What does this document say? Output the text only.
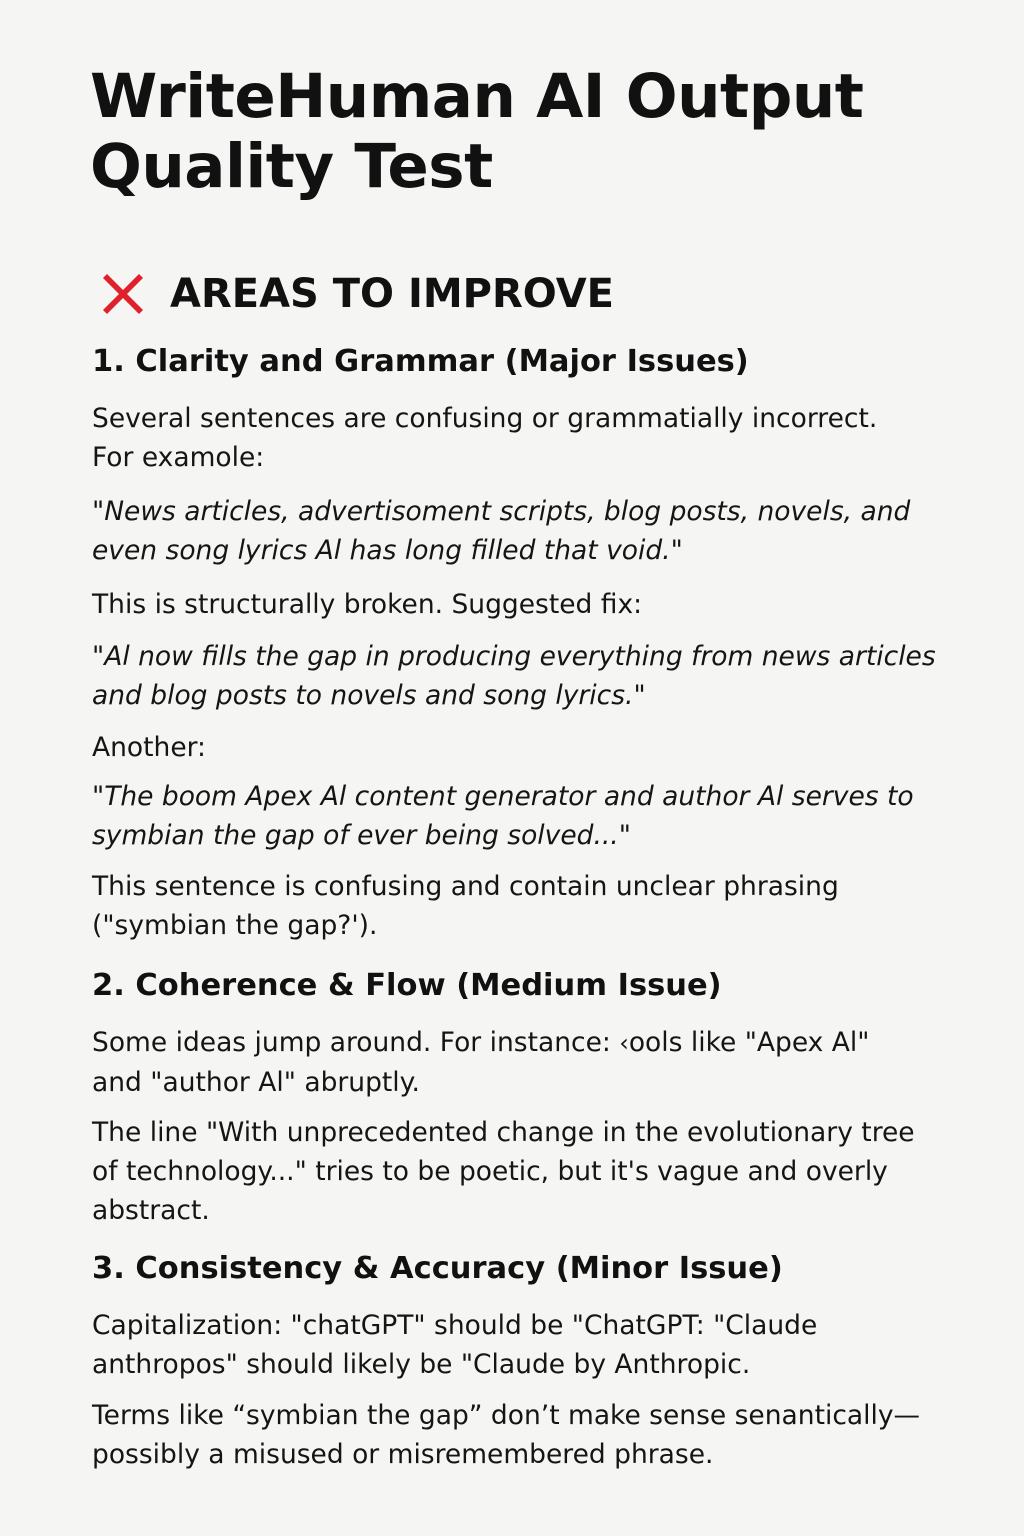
WriteHuman AI Output
Quality Test
AREAS TO IMPROVE
1. Clarity and Grammar (Major Issues)

Several sentences are confusing or grammatially incorrect.
For examole:

"News articles, advertisoment scripts, blog posts, novels, and
even song lyrics Al has long filled that void."

This is structurally broken. Suggested fix:

"Al now fills the gap in producing everything from news articles
and blog posts to novels and song lyrics."

Another:

"The boom Apex Al content generator and author Al serves to
symbian the gap of ever being solved..."

This sentence is confusing and contain unclear phrasing
("symbian the gap?').

2. Coherence & Flow (Medium Issue)

Some ideas jump around. For instance: ‹ools like "Apex Al"
and "author Al" abruptly.

The line "With unprecedented change in the evolutionary tree
of technology..." tries to be poetic, but it's vague and overly
abstract.

3. Consistency & Accuracy (Minor Issue)

Capitalization: "chatGPT" should be "ChatGPT: "Claude
anthropos" should likely be "Claude by Anthropic.

Terms like “symbian the gap” don’t make sense senantically—
possibly a misused or misremembered phrase.
